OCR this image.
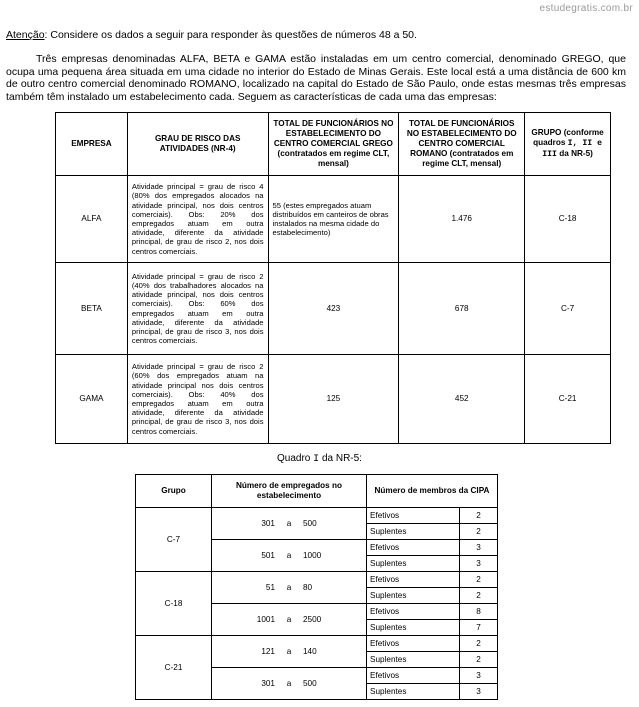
estudegratis.com.br
Atenção: Considere os dados a seguir para responder às questões de números 48 a 50.
Três empresas denominadas ALFA, BETA e GAMA estão instaladas em um centro comercial, denominado GREGO, que ocupa uma pequena área situada em uma cidade no interior do Estado de Minas Gerais. Este local está a uma distância de 600 km de outro centro comercial denominado ROMANO, localizado na capital do Estado de São Paulo, onde estas mesmas três empresas também têm instalado um estabelecimento cada. Seguem as características de cada uma das empresas:
EMPRESA	GRAU DE RISCO DAS ATIVIDADES (NR-4)	TOTAL DE FUNCIONÁRIOS NO ESTABELECIMENTO DO CENTRO COMERCIAL GREGO (contratados em regime CLT, mensal)	TOTAL DE FUNCIONÁRIOS NO ESTABELECIMENTO DO CENTRO COMERCIAL ROMANO (contratados em regime CLT, mensal)	GRUPO (conforme quadros I, II e III da NR-5)
ALFA	Atividade principal = grau de risco 4 (80% dos empregados alocados na atividade principal, nos dois centros comerciais). Obs: 20% dos empregados atuam em outra atividade, diferente da atividade principal, de grau de risco 2, nos dois centros comerciais.	55 (estes empregados atuam distribuídos em canteiros de obras instalados na mesma cidade do estabelecimento)	1.476	C-18
BETA	Atividade principal = grau de risco 2 (40% dos trabalhadores alocados na atividade principal, nos dois centros comerciais). Obs: 60% dos empregados atuam em outra atividade, diferente da atividade principal, de grau de risco 3, nos dois centros comerciais.	423	678	C-7
GAMA	Atividade principal = grau de risco 2 (60% dos empregados atuam na atividade principal nos dois centros comerciais). Obs: 40% dos empregados atuam em outra atividade, diferente da atividade principal, de grau de risco 3, nos dois centros comerciais.	125	452	C-21
Quadro I da NR-5:
Grupo	Número de empregados no estabelecimento	Número de membros da CIPA	
C-7	301 a 500	Efetivos	2
		Suplentes	2
	501 a 1000	Efetivos	3
		Suplentes	3
C-18	51 a 80	Efetivos	2
		Suplentes	2
	1001 a 2500	Efetivos	8
		Suplentes	7
C-21	121 a 140	Efetivos	2
		Suplentes	2
	301 a 500	Efetivos	3
		Suplentes	3
